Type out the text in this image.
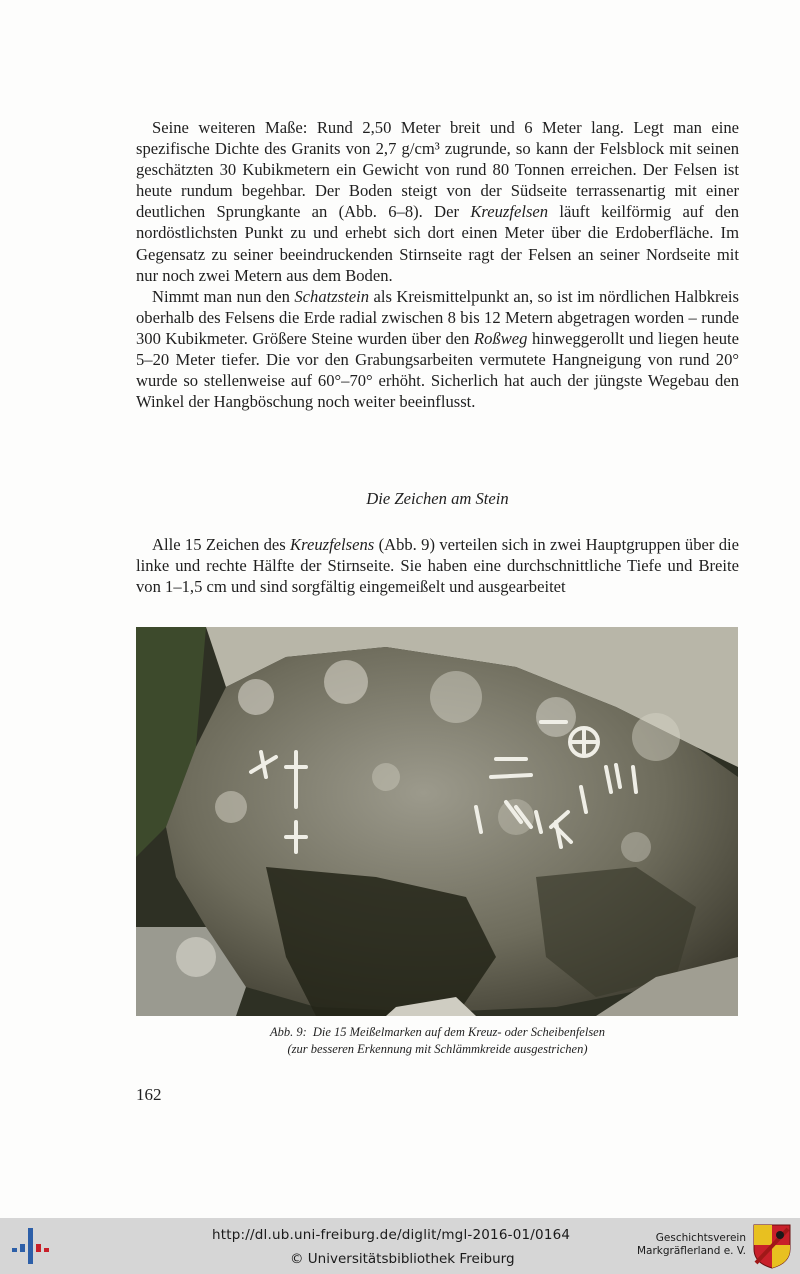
Seine weiteren Maße: Rund 2,50 Meter breit und 6 Meter lang. Legt man eine spezifische Dichte des Granits von 2,7 g/cm³ zugrunde, so kann der Felsblock mit seinen geschätzten 30 Kubikmetern ein Gewicht von rund 80 Tonnen erreichen. Der Felsen ist heute rundum begehbar. Der Boden steigt von der Südseite terrassenartig mit einer deutlichen Sprungkante an (Abb. 6–8). Der Kreuzfelsen läuft keilförmig auf den nordöstlichsten Punkt zu und erhebt sich dort einen Meter über die Erdoberfläche. Im Gegensatz zu seiner beeindruckenden Stirnseite ragt der Felsen an seiner Nordseite mit nur noch zwei Metern aus dem Boden.

Nimmt man nun den Schatzstein als Kreismittelpunkt an, so ist im nördlichen Halbkreis oberhalb des Felsens die Erde radial zwischen 8 bis 12 Metern abgetragen worden – runde 300 Kubikmeter. Größere Steine wurden über den Roßweg hinweggerollt und liegen heute 5–20 Meter tiefer. Die vor den Grabungsarbeiten vermutete Hangneigung von rund 20° wurde so stellenweise auf 60°–70° erhöht. Sicherlich hat auch der jüngste Wegebau den Winkel der Hangböschung noch weiter beeinflusst.

Die Zeichen am Stein

Alle 15 Zeichen des Kreuzfelsens (Abb. 9) verteilen sich in zwei Hauptgruppen über die linke und rechte Hälfte der Stirnseite. Sie haben eine durchschnittliche Tiefe und Breite von 1–1,5 cm und sind sorgfältig eingemeißelt und ausgearbeitet

Abb. 9: Die 15 Meißelmarken auf dem Kreuz- oder Scheibenfelsen
(zur besseren Erkennung mit Schlämmkreide ausgestrichen)
162
http://dl.ub.uni-freiburg.de/diglit/mgl-2016-01/0164
© Universitätsbibliothek Freiburg
Geschichtsverein
Markgräflerland e. V.
